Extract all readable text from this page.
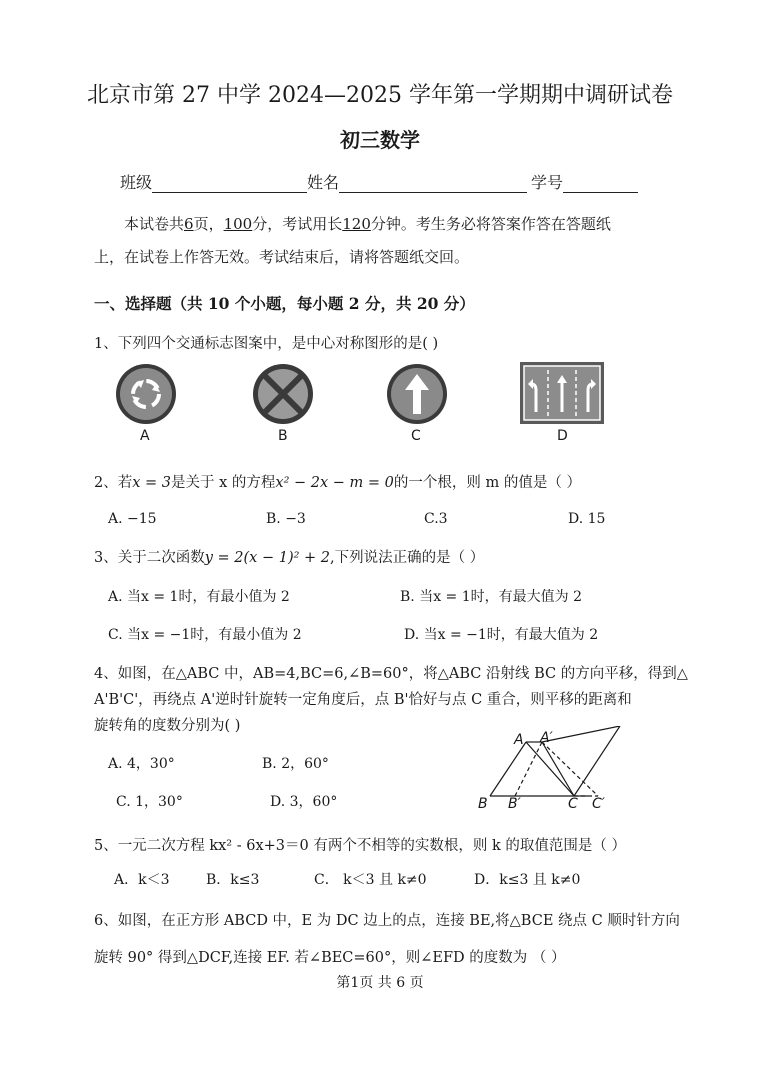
北京市第 27 中学 2024—2025 学年第一学期期中调研试卷
初三数学
班级	姓名	学号
本试卷共6页，100分，考试用长120分钟。考生务必将答案作答在答题纸
上，在试卷上作答无效。考试结束后，请将答题纸交回。
一、选择题（共 10 个小题，每小题 2 分，共 20 分）
1、下列四个交通标志图案中，是中心对称图形的是( )
A	B	C	D
2、若x = 3是关于 x 的方程x² − 2x − m = 0的一个根，则 m 的值是（ ）
A. −15	B. −3	C.3	D. 15
3、关于二次函数y = 2(x − 1)² + 2,下列说法正确的是（ ）
A. 当x = 1时，有最小值为 2	B. 当x = 1时，有最大值为 2
C. 当x = −1时，有最小值为 2	D. 当x = −1时，有最大值为 2
4、如图，在△ABC 中，AB=4,BC=6,∠B=60°，将△ABC 沿射线 BC 的方向平移，得到△
A'B'C'，再绕点 A'逆时针旋转一定角度后，点 B'恰好与点 C 重合，则平移的距离和
旋转角的度数分别为( )
A. 4，30°	B. 2，60°
C. 1，30°	D. 3，60°
A A′
B B′	C C′
5、一元二次方程 kx² - 6x+3＝0 有两个不相等的实数根，则 k 的取值范围是（ ）
A．k＜3	B．k≤3	C． k＜3 且 k≠0	D．k≤3 且 k≠0
6、如图，在正方形 ABCD 中，E 为 DC 边上的点，连接 BE,将△BCE 绕点 C 顺时针方向
旋转 90° 得到△DCF,连接 EF. 若∠BEC=60°，则∠EFD 的度数为 （ ）
第1页 共 6 页
